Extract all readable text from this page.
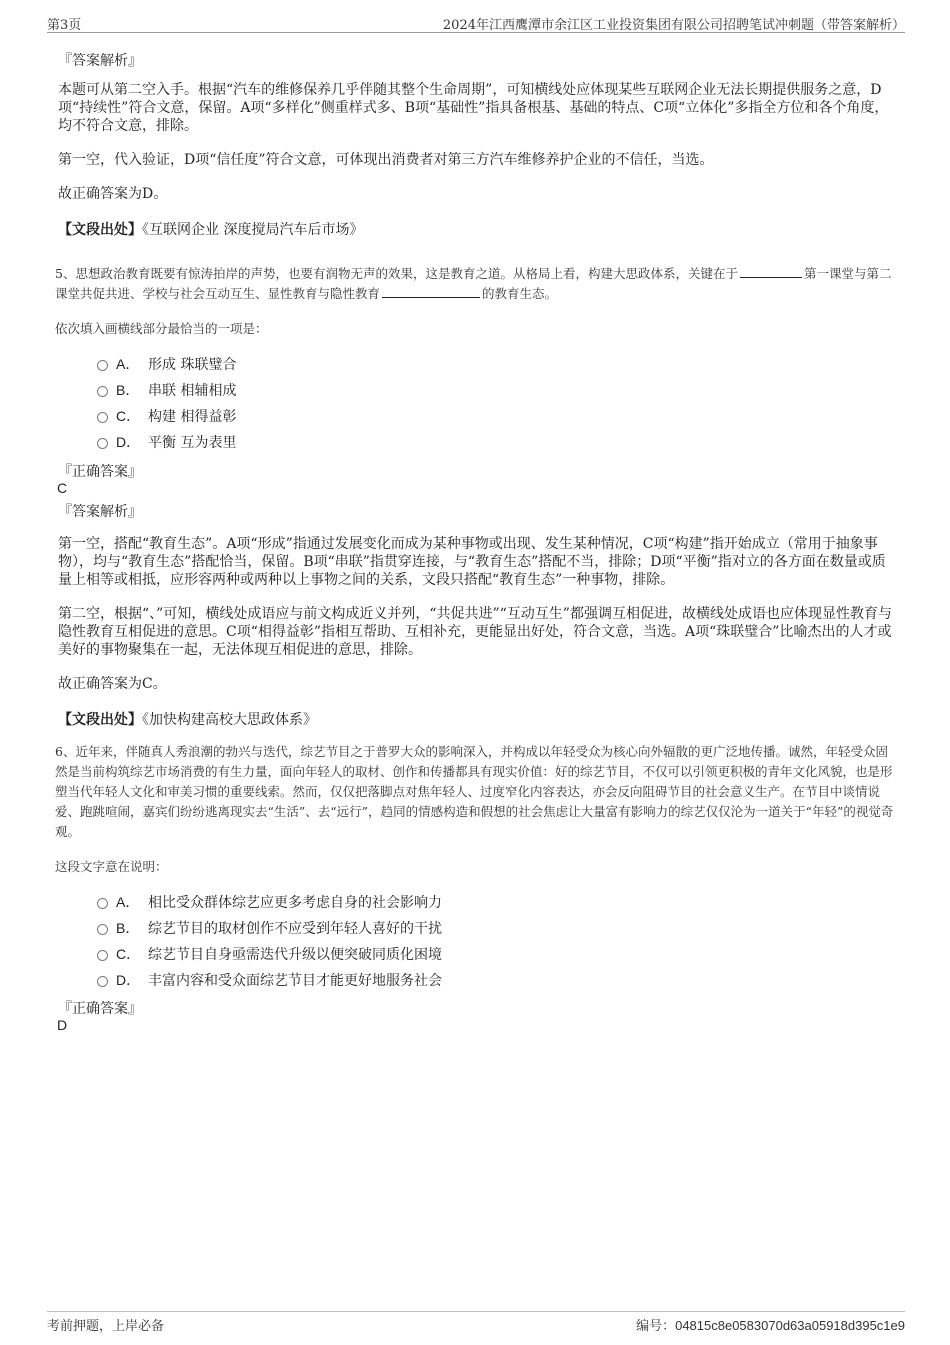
第3页	2024年江西鹰潭市余江区工业投资集团有限公司招聘笔试冲刺题（带答案解析）
『答案解析』

本题可从第二空入手。根据“汽车的维修保养几乎伴随其整个生命周期”，可知横线处应体现某些互联网企业无法长期提供服务之意，D项“持续性”符合文意，保留。A项“多样化”侧重样式多、B项“基础性”指具备根基、基础的特点、C项“立体化”多指全方位和各个角度，均不符合文意，排除。

第一空，代入验证，D项“信任度”符合文意，可体现出消费者对第三方汽车维修养护企业的不信任，当选。

故正确答案为D。

【文段出处】《互联网企业 深度搅局汽车后市场》

5、思想政治教育既要有惊涛拍岸的声势，也要有润物无声的效果，这是教育之道。从格局上看，构建大思政体系，关键在于	第一课堂与第二课堂共促共进、学校与社会互动互生、显性教育与隐性教育	的教育生态。

依次填入画横线部分最恰当的一项是：
A． 形成 珠联璧合
B． 串联 相辅相成
C． 构建 相得益彰
D． 平衡 互为表里
『正确答案』
C
『答案解析』

第一空，搭配“教育生态”。A项“形成”指通过发展变化而成为某种事物或出现、发生某种情况，C项“构建”指开始成立（常用于抽象事物），均与“教育生态”搭配恰当，保留。B项“串联”指贯穿连接，与“教育生态”搭配不当，排除；D项“平衡”指对立的各方面在数量或质量上相等或相抵，应形容两种或两种以上事物之间的关系，文段只搭配“教育生态”一种事物，排除。

第二空，根据“、”可知，横线处成语应与前文构成近义并列，“共促共进”“互动互生”都强调互相促进，故横线处成语也应体现显性教育与隐性教育互相促进的意思。C项“相得益彰”指相互帮助、互相补充，更能显出好处，符合文意，当选。A项“珠联璧合”比喻杰出的人才或美好的事物聚集在一起，无法体现互相促进的意思，排除。

故正确答案为C。

【文段出处】《加快构建高校大思政体系》

6、近年来，伴随真人秀浪潮的勃兴与迭代，综艺节目之于普罗大众的影响深入，并构成以年轻受众为核心向外辐散的更广泛地传播。诚然，年轻受众固然是当前构筑综艺市场消费的有生力量，面向年轻人的取材、创作和传播都具有现实价值：好的综艺节目，不仅可以引领更积极的青年文化风貌，也是形塑当代年轻人文化和审美习惯的重要线索。然而，仅仅把落脚点对焦年轻人、过度窄化内容表达，亦会反向阻碍节目的社会意义生产。在节目中谈情说爱、跑跳喧闹，嘉宾们纷纷逃离现实去“生活”、去“远行”，趋同的情感构造和假想的社会焦虑让大量富有影响力的综艺仅仅沦为一道关于“年轻”的视觉奇观。

这段文字意在说明：
A． 相比受众群体综艺应更多考虑自身的社会影响力
B． 综艺节目的取材创作不应受到年轻人喜好的干扰
C． 综艺节目自身亟需迭代升级以便突破同质化困境
D． 丰富内容和受众面综艺节目才能更好地服务社会
『正确答案』
D
考前押题，上岸必备	编号：04815c8e0583070d63a05918d395c1e9
